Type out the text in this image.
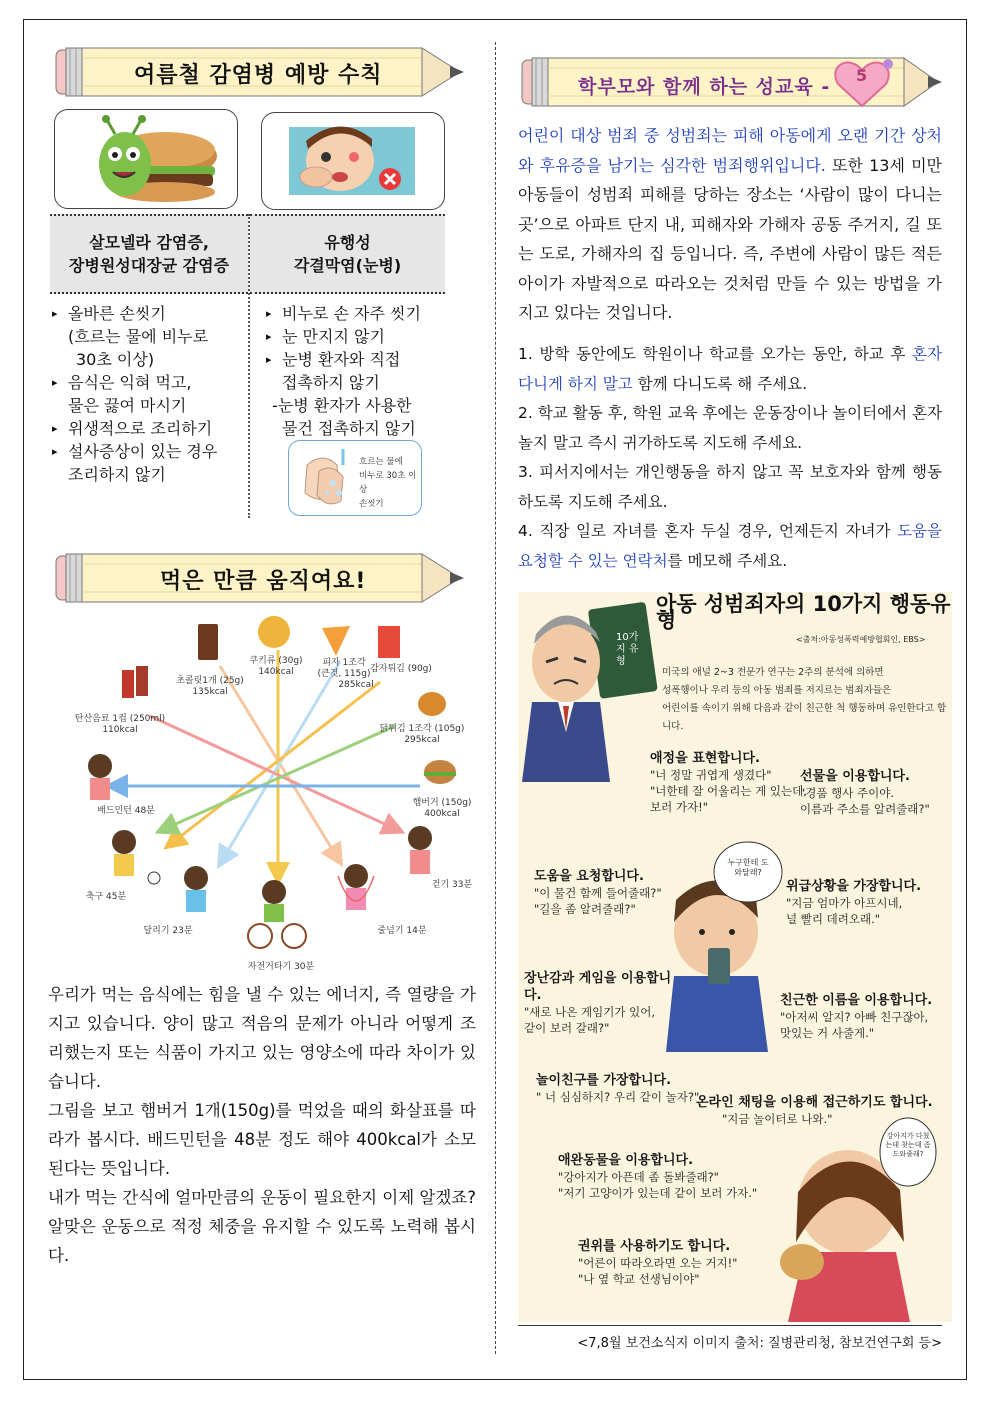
여름철 감염병 예방 수칙
살모넬라 감염증,
장병원성대장균 감염증
유행성
각결막염(눈병)
▸ 올바른 손씻기
(흐르는 물에 비누로
30초 이상)
▸ 음식은 익혀 먹고,
물은 끓여 마시기
▸ 위생적으로 조리하기
▸ 설사증상이 있는 경우
조리하지 않기
▸ 비누로 손 자주 씻기
▸ 눈 만지지 않기
▸ 눈병 환자와 직접
접촉하지 않기
-눈병 환자가 사용한
물건 접촉하지 않기
흐르는 물에
비누로 30초 이상
손씻기
먹은 만큼 움직여요!
초콜릿1개 (25g)
135kcal
쿠키류 (30g)
140kcal
피자 1조각
(큰것, 115g)
285kcal
감자튀김 (90g)
탄산음료 1컵 (250ml)
110kcal	닭튀김 1조각 (105g)
295kcal
햄버거 (150g)
400kcal
배드민턴 48분
축구 45분
달리기 23분
자전거타기 30분
줄넘기 14분
걷기 33분

우리가 먹는 음식에는 힘을 낼 수 있는 에너지, 즉 열량을 가지고 있습니다. 양이 많고 적음의 문제가 아니라 어떻게 조리했는지 또는 식품이 가지고 있는 영양소에 따라 차이가 있습니다.

그림을 보고 햄버거 1개(150g)를 먹었을 때의 화살표를 따라가 봅시다. 배드민턴을 48분 정도 해야 400kcal가 소모된다는 뜻입니다.

내가 먹는 간식에 얼마만큼의 운동이 필요한지 이제 알겠죠? 알맞은 운동으로 적정 체중을 유지할 수 있도록 노력해 봅시다.

학부모와 함께 하는 성교육 -
5

어린이 대상 범죄 중 성범죄는 피해 아동에게 오랜 기간 상처와 후유증을 남기는 심각한 범죄행위입니다. 또한 13세 미만 아동들이 성범죄 피해를 당하는 장소는 ‘사람이 많이 다니는 곳’으로 아파트 단지 내, 피해자와 가해자 공동 주거지, 길 또는 도로, 가해자의 집 등입니다. 즉, 주변에 사람이 많든 적든 아이가 자발적으로 따라오는 것처럼 만들 수 있는 방법을 가지고 있다는 것입니다.

1. 방학 동안에도 학원이나 학교를 오가는 동안, 하교 후 혼자 다니게 하지 말고 함께 다니도록 해 주세요.

2. 학교 활동 후, 학원 교육 후에는 운동장이나 놀이터에서 혼자 놀지 말고 즉시 귀가하도록 지도해 주세요.

3. 피서지에서는 개인행동을 하지 않고 꼭 보호자와 함께 행동하도록 지도해 주세요.

4. 직장 일로 자녀를 혼자 두실 경우, 언제든지 자녀가 도움을 요청할 수 있는 연락처를 메모해 주세요.

아동 성범죄자의 10가지 행동유형
<출처:아동성폭력예방협회인, EBS>
10가지 유형
미국의 애널 2~3 전문가 연구는 2주의 분석에 의하면
성폭행이나 우리 등의 아동 범죄를 저지르는 범죄자들은
어린이를 속이기 위해 다음과 같이 친근한 척 행동하며 유인한다고 합니다.
누구한테 도와달래?
강아지가 다쳤는데 찾는데 좀 도와줄래?
애정을 표현합니다.
"너 정말 귀엽게 생겼다"
"너한테 잘 어울리는 게 있는데,
보러 가자!"
선물을 이용합니다.
"경품 행사 주이야.
이름과 주소를 알려줄래?"
도움을 요청합니다.
"이 물건 함께 들어줄래?"
"길을 좀 알려줄래?"
위급상황을 가장합니다.
"지금 엄마가 아프시네,
널 빨리 데려오래."
장난감과 게임을 이용합니다.
"새로 나온 게임기가 있어,
같이 보러 갈래?"
친근한 이름을 이용합니다.
"아저씨 알지? 아빠 친구잖아,
맛있는 거 사줄게."
놀이친구를 가장합니다.
" 너 심심하지? 우리 같이 놀자?"
온라인 채팅을 이용해 접근하기도 합니다.
"지금 놀이터로 나와."
애완동물을 이용합니다.
"강아지가 아픈데 좀 돌봐줄래?"
"저기 고양이가 있는데 같이 보러 가자."
권위를 사용하기도 합니다.
"어른이 따라오라면 오는 거지!"
"나 옆 학교 선생님이야"
<7,8월 보건소식지 이미지 출처: 질병관리청, 참보건연구회 등>
